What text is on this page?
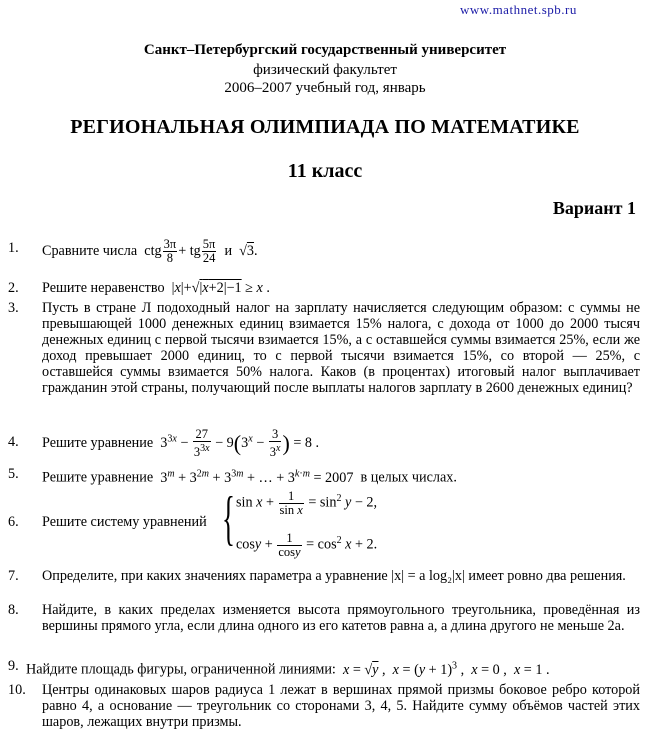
www.mathnet.spb.ru
Санкт–Петербургский государственный университет
физический факультет
2006–2007 учебный год, январь
РЕГИОНАЛЬНАЯ ОЛИМПИАДА ПО МАТЕМАТИКЕ
11 класс
Вариант 1
1. Сравните числа  ctg $\frac{3\pi}{8}$ + tg $\frac{5\pi}{24}$ и  √3.
2. Решите неравенство  |x|+√|x+2|−1 ≥ x .
3. Пусть в стране Л подоходный налог на зарплату начисляется следующим образом: с суммы не превышающей 1000 денежных единиц взимается 15% налога, с дохода от 1000 до 2000 тысяч денежных единиц с первой тысячи взимается 15%, а с оставшейся суммы взимается 25%, если же доход превышает 2000 единиц, то с первой тысячи взимается 15%, со второй — 25%, с оставшейся суммы взимается 50% налога. Каков (в процентах) итоговый налог выплачивает гражданин этой страны, получающий после выплаты налогов зарплату в 2600 денежных единиц?
4. Решите уравнение  $3^{3x} - \frac{27}{3^{3x}} - 9(3^x - \frac{3}{3^x}$ ) = 8 .
5. Решите уравнение  $3^m + 3^{2m} + 3^{3m}$ + … + $3^{k\cdot m} = 2007$  в целых числах.
6. Решите систему уравнений { $\sin x + \frac{1}{\text{sin x}} = \sin^2 y - 2$,
$\cos y + \frac{1}{\cos y} = \cos^2 x + 2$.
7. Определите, при каких значениях параметра a уравнение |x| = a log₂|x| имеет ровно два решения.
8. Найдите, в каких пределах изменяется высота прямоугольного треугольника, проведённая из вершины прямого угла, если длина одного из его катетов равна a, а длина другого не меньше 2a.
9. Найдите площадь фигуры, ограниченной линиями: x = √y ,  $x = (y + 1)^3$ ,  x = 0 ,  x = 1 .
10. Центры одинаковых шаров радиуса 1 лежат в вершинах прямой призмы боковое ребро которой равно 4, а основание — треугольник со сторонами 3, 4, 5. Найдите сумму объёмов частей этих шаров, лежащих внутри призмы.
